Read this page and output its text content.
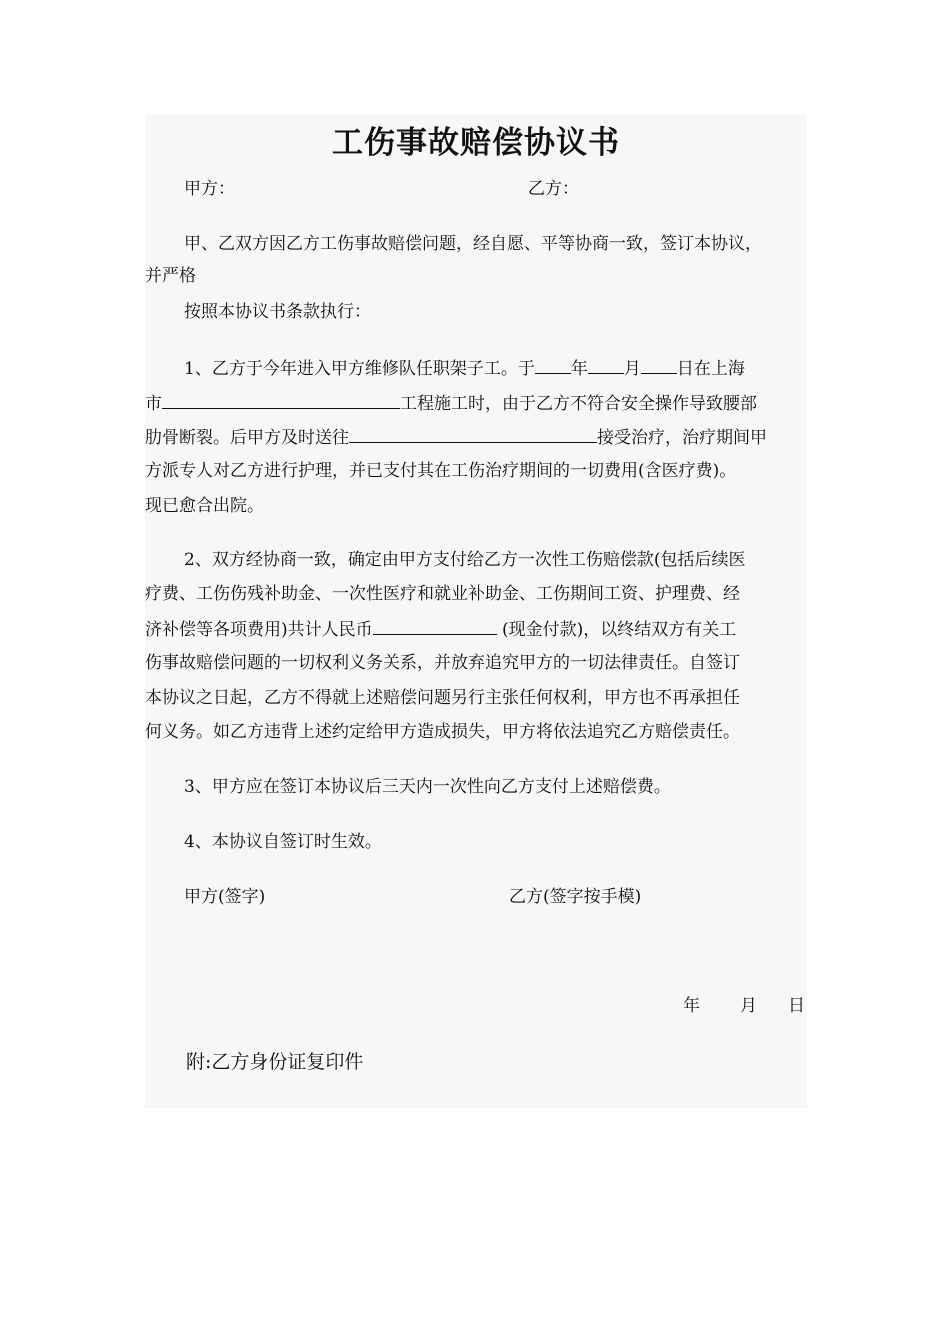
工伤事故赔偿协议书
甲方：	乙方：
甲、乙双方因乙方工伤事故赔偿问题，经自愿、平等协商一致，签订本协议，
并严格
按照本协议书条款执行：
1、乙方于今年进入甲方维修队任职架子工。于 年 月 日在上海
市	工程施工时，由于乙方不符合安全操作导致腰部
肋骨断裂。后甲方及时送往	接受治疗，治疗期间甲
方派专人对乙方进行护理，并已支付其在工伤治疗期间的一切费用(含医疗费)。
现已愈合出院。
2、双方经协商一致，确定由甲方支付给乙方一次性工伤赔偿款(包括后续医
疗费、工伤伤残补助金、一次性医疗和就业补助金、工伤期间工资、护理费、经
济补偿等各项费用)共计人民币	(现金付款)，以终结双方有关工
伤事故赔偿问题的一切权利义务关系，并放弃追究甲方的一切法律责任。自签订
本协议之日起，乙方不得就上述赔偿问题另行主张任何权利，甲方也不再承担任
何义务。如乙方违背上述约定给甲方造成损失，甲方将依法追究乙方赔偿责任。
3、甲方应在签订本协议后三天内一次性向乙方支付上述赔偿费。
4、本协议自签订时生效。
甲方(签字)	乙方(签字按手模)
年 月 日
附:乙方身份证复印件
